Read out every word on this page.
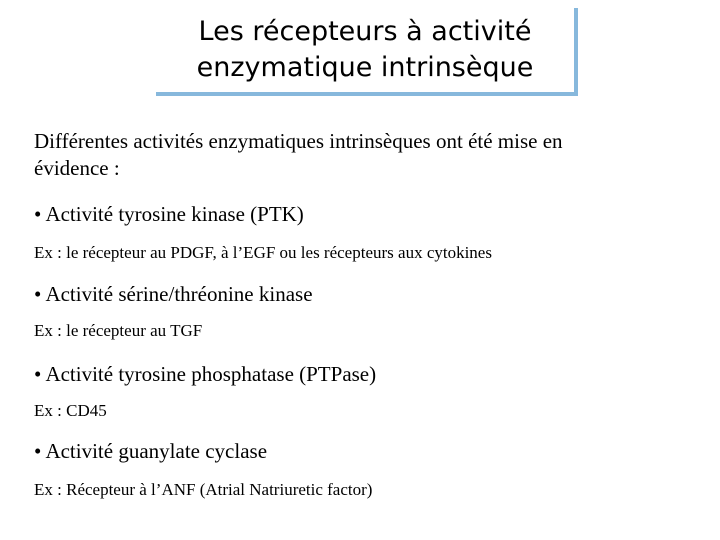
Les récepteurs à activité
enzymatique intrinsèque
Différentes activités enzymatiques intrinsèques ont été mise en
évidence :
• Activité tyrosine kinase (PTK)
Ex : le récepteur au PDGF, à l’EGF ou les récepteurs aux cytokines
• Activité sérine/thréonine kinase
Ex : le récepteur au TGF
• Activité tyrosine phosphatase (PTPase)
Ex : CD45
• Activité guanylate cyclase
Ex : Récepteur à l’ANF (Atrial Natriuretic factor)
